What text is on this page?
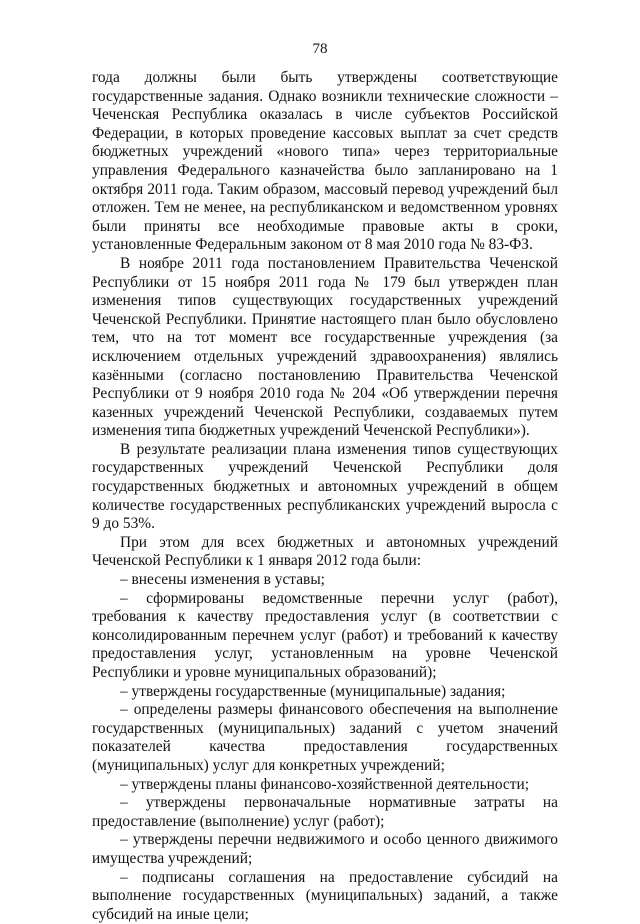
78

года должны были быть утверждены соответствующие государственные задания. Однако возникли технические сложности – Чеченская Республика оказалась в числе субъектов Российской Федерации, в которых проведение кассовых выплат за счет средств бюджетных учреждений «нового типа» через территориальные управления Федерального казначейства было запланировано на 1 октября 2011 года. Таким образом, массовый перевод учреждений был отложен. Тем не менее, на республиканском и ведомственном уровнях были приняты все необходимые правовые акты в сроки, установленные Федеральным законом от 8 мая 2010 года № 83-ФЗ.

В ноябре 2011 года постановлением Правительства Чеченской Республики от 15 ноября 2011 года № 179 был утвержден план изменения типов существующих государственных учреждений Чеченской Республики. Принятие настоящего план было обусловлено тем, что на тот момент все государственные учреждения (за исключением отдельных учреждений здравоохранения) являлись казёнными (согласно постановлению Правительства Чеченской Республики от 9 ноября 2010 года № 204 «Об утверждении перечня казенных учреждений Чеченской Республики, создаваемых путем изменения типа бюджетных учреждений Чеченской Республики»).

В результате реализации плана изменения типов существующих государственных учреждений Чеченской Республики доля государственных бюджетных и автономных учреждений в общем количестве государственных республиканских учреждений выросла с 9 до 53%.

При этом для всех бюджетных и автономных учреждений Чеченской Республики к 1 января 2012 года были:

– внесены изменения в уставы;

– сформированы ведомственные перечни услуг (работ), требования к качеству предоставления услуг (в соответствии с консолидированным перечнем услуг (работ) и требований к качеству предоставления услуг, установленным на уровне Чеченской Республики и уровне муниципальных образований);

– утверждены государственные (муниципальные) задания;

– определены размеры финансового обеспечения на выполнение государственных (муниципальных) заданий с учетом значений показателей качества предоставления государственных (муниципальных) услуг для конкретных учреждений;

– утверждены планы финансово-хозяйственной деятельности;

– утверждены первоначальные нормативные затраты на предоставление (выполнение) услуг (работ);

– утверждены перечни недвижимого и особо ценного движимого имущества учреждений;

– подписаны соглашения на предоставление субсидий на выполнение государственных (муниципальных) заданий, а также субсидий на иные цели;
